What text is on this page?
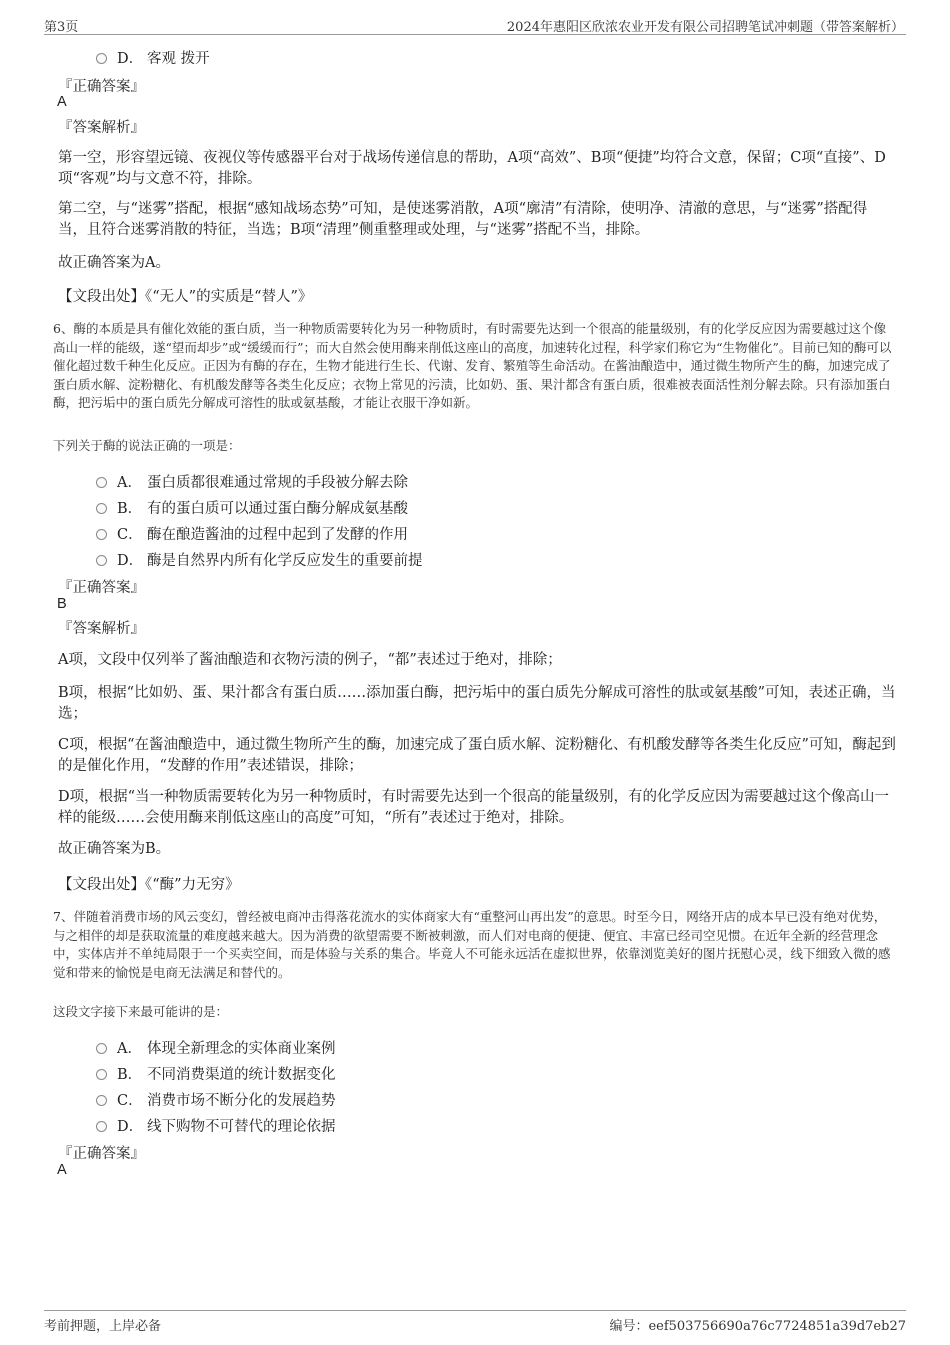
第3页	2024年惠阳区欣浓农业开发有限公司招聘笔试冲刺题（带答案解析）
D． 客观 拨开
『正确答案』
A
『答案解析』
第一空，形容望远镜、夜视仪等传感器平台对于战场传递信息的帮助，A项“高效”、B项“便捷”均符合文意，保留；C项“直接”、D项“客观”均与文意不符，排除。
第二空，与“迷雾”搭配，根据“感知战场态势”可知，是使迷雾消散，A项“廓清”有清除，使明净、清澈的意思，与“迷雾”搭配得当，且符合迷雾消散的特征，当选；B项“清理”侧重整理或处理，与“迷雾”搭配不当，排除。
故正确答案为A。
【文段出处】《“无人”的实质是“替人”》
6、酶的本质是具有催化效能的蛋白质，当一种物质需要转化为另一种物质时，有时需要先达到一个很高的能量级别，有的化学反应因为需要越过这个像高山一样的能级，遂“望而却步”或“缓缓而行”；而大自然会使用酶来削低这座山的高度，加速转化过程，科学家们称它为“生物催化”。目前已知的酶可以催化超过数千种生化反应。正因为有酶的存在，生物才能进行生长、代谢、发育、繁殖等生命活动。在酱油酿造中，通过微生物所产生的酶，加速完成了蛋白质水解、淀粉糖化、有机酸发酵等各类生化反应；衣物上常见的污渍，比如奶、蛋、果汁都含有蛋白质，很难被表面活性剂分解去除。只有添加蛋白酶，把污垢中的蛋白质先分解成可溶性的肽或氨基酸，才能让衣服干净如新。
下列关于酶的说法正确的一项是：
A． 蛋白质都很难通过常规的手段被分解去除
B． 有的蛋白质可以通过蛋白酶分解成氨基酸
C． 酶在酿造酱油的过程中起到了发酵的作用
D． 酶是自然界内所有化学反应发生的重要前提
『正确答案』
B
『答案解析』
A项，文段中仅列举了酱油酿造和衣物污渍的例子，“都”表述过于绝对，排除；
B项，根据“比如奶、蛋、果汁都含有蛋白质……添加蛋白酶，把污垢中的蛋白质先分解成可溶性的肽或氨基酸”可知，表述正确，当选；
C项，根据“在酱油酿造中，通过微生物所产生的酶，加速完成了蛋白质水解、淀粉糖化、有机酸发酵等各类生化反应”可知，酶起到的是催化作用，“发酵的作用”表述错误，排除；
D项，根据“当一种物质需要转化为另一种物质时，有时需要先达到一个很高的能量级别，有的化学反应因为需要越过这个像高山一样的能级……会使用酶来削低这座山的高度”可知，“所有”表述过于绝对，排除。
故正确答案为B。
【文段出处】《“酶”力无穷》
7、伴随着消费市场的风云变幻，曾经被电商冲击得落花流水的实体商家大有“重整河山再出发”的意思。时至今日，网络开店的成本早已没有绝对优势，与之相伴的却是获取流量的难度越来越大。因为消费的欲望需要不断被刺激，而人们对电商的便捷、便宜、丰富已经司空见惯。在近年全新的经营理念中，实体店并不单纯局限于一个买卖空间，而是体验与关系的集合。毕竟人不可能永远活在虚拟世界，依靠浏览美好的图片抚慰心灵，线下细致入微的感觉和带来的愉悦是电商无法满足和替代的。
这段文字接下来最可能讲的是：
A． 体现全新理念的实体商业案例
B． 不同消费渠道的统计数据变化
C． 消费市场不断分化的发展趋势
D． 线下购物不可替代的理论依据
『正确答案』
A
考前押题，上岸必备	编号：eef503756690a76c7724851a39d7eb27
